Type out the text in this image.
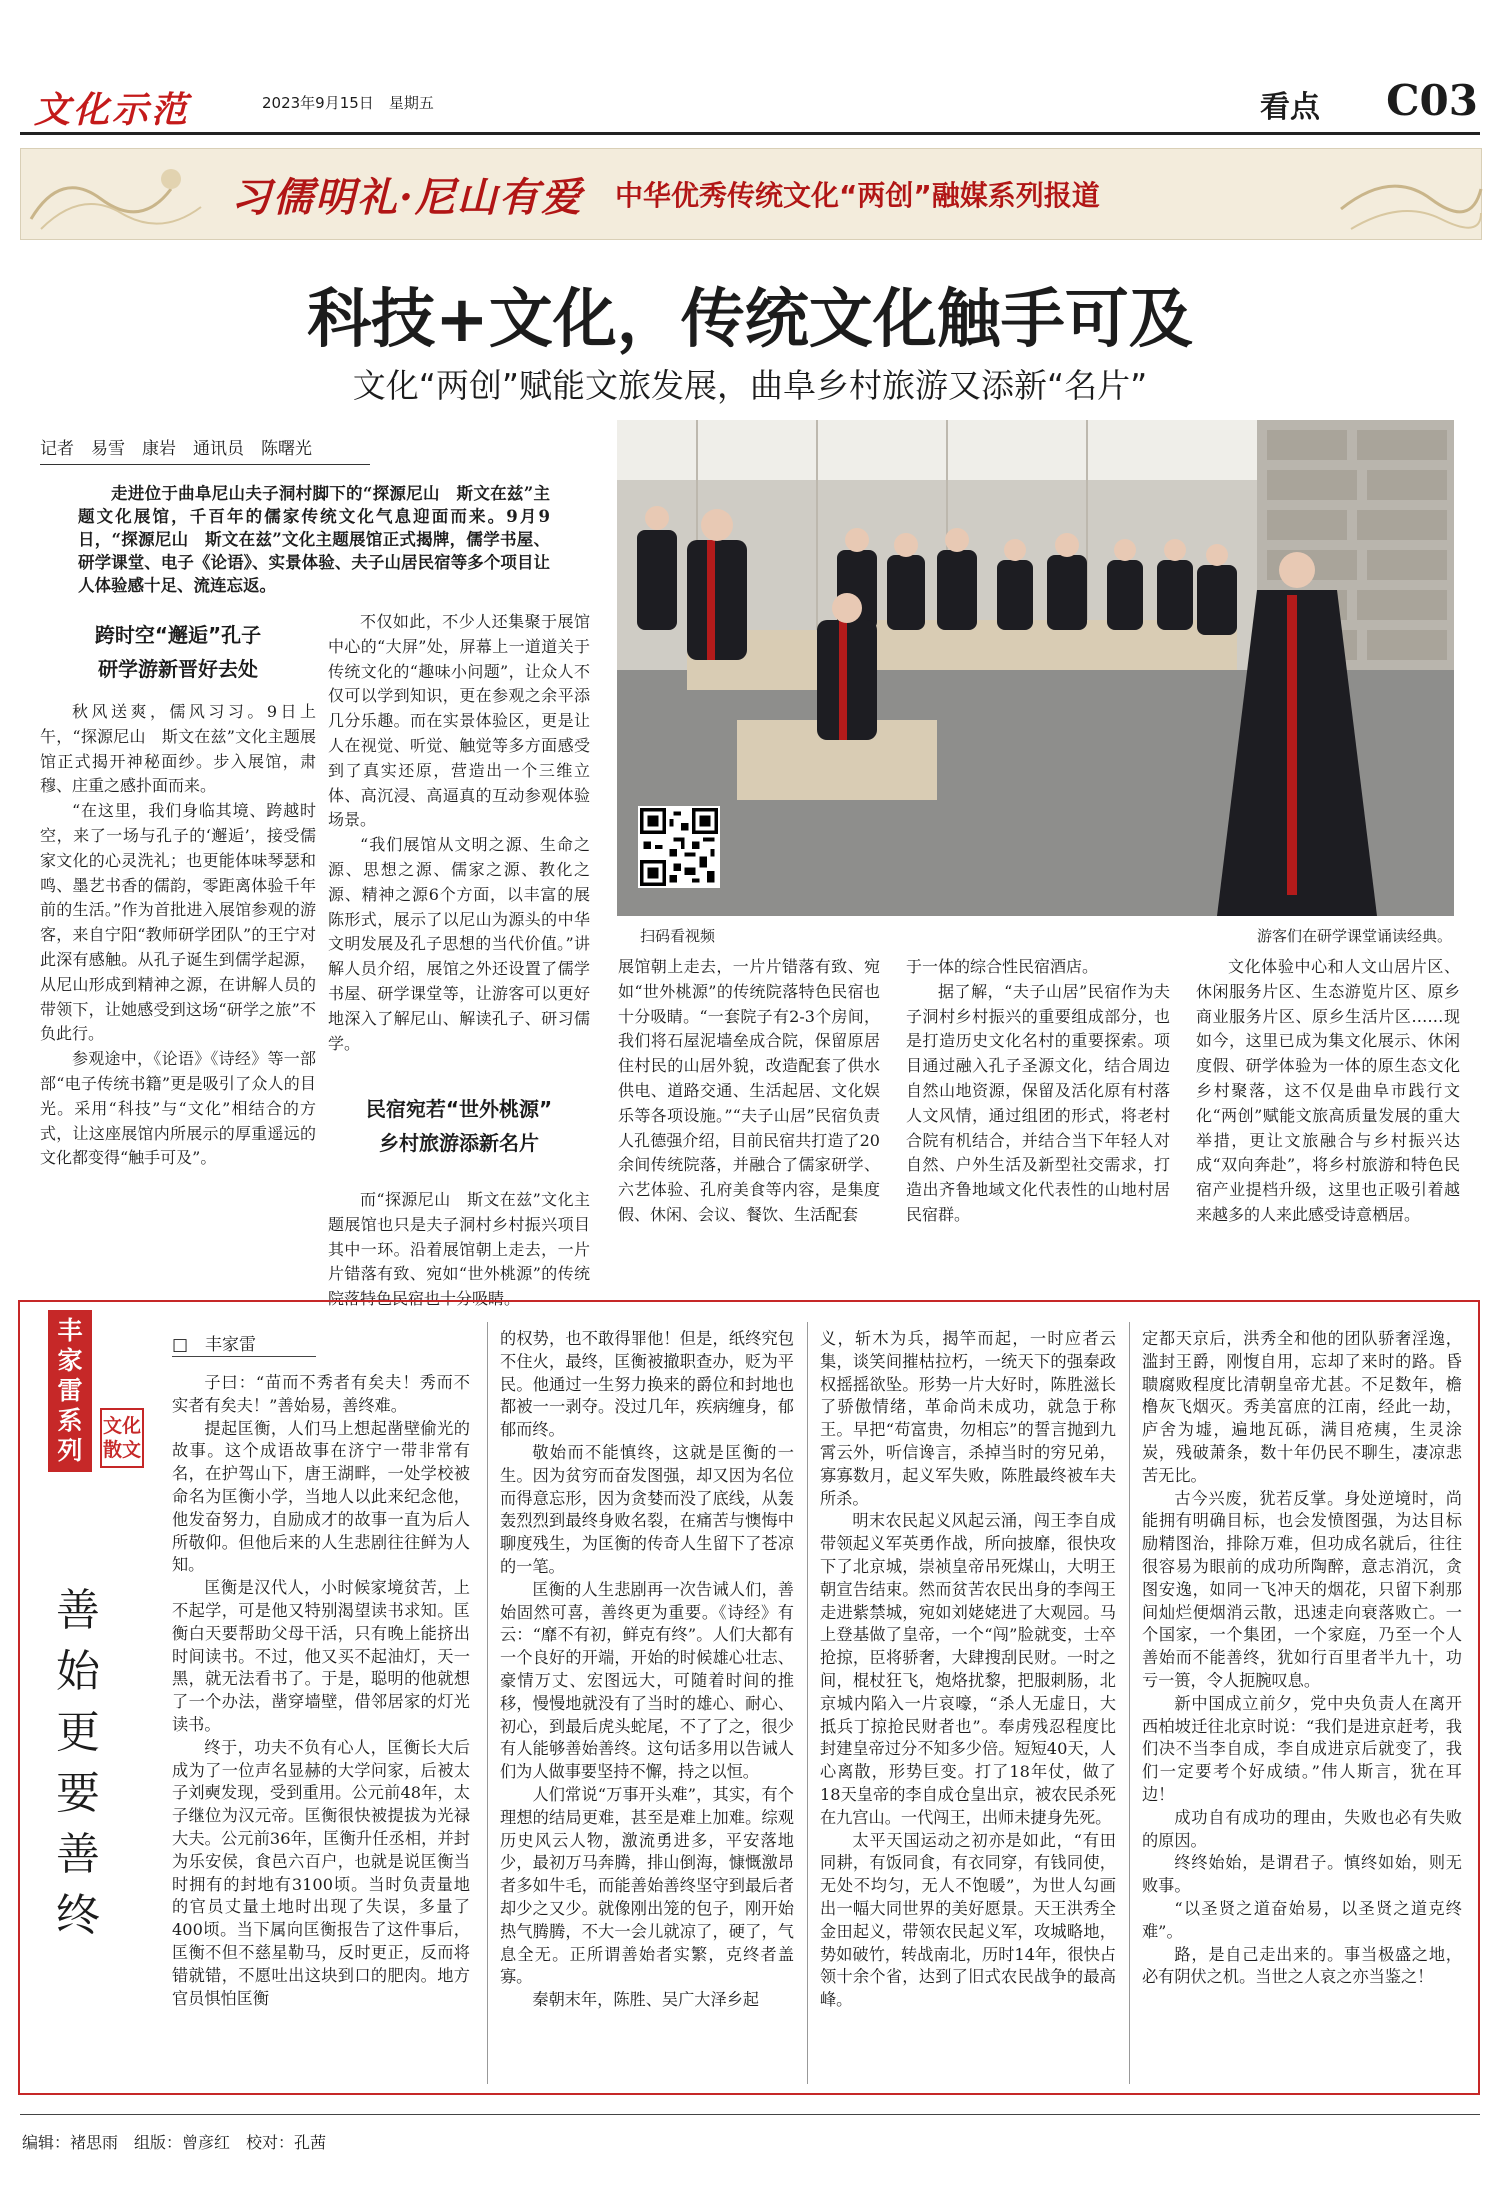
文化示范	2023年9月15日　 星期五	看点 C03
习儒明礼·尼山有爱 中华优秀传统文化“两创”融媒系列报道
科技+文化，传统文化触手可及
文化“两创”赋能文旅发展，曲阜乡村旅游又添新“名片”
记者　易雪　康岩　通讯员　陈曙光
走进位于曲阜尼山夫子洞村脚下的“探源尼山　斯文在兹”主题文化展馆，千百年的儒家传统文化气息迎面而来。9月9日，“探源尼山　斯文在兹”文化主题展馆正式揭牌，儒学书屋、研学课堂、电子《论语》、实景体验、夫子山居民宿等多个项目让人体验感十足、流连忘返。
扫码看视频	游客们在研学课堂诵读经典。
跨时空“邂逅”孔子
研学游新晋好去处

秋风送爽，儒风习习。9日上午，“探源尼山　斯文在兹”文化主题展馆正式揭开神秘面纱。步入展馆，肃穆、庄重之感扑面而来。

“在这里，我们身临其境、跨越时空，来了一场与孔子的‘邂逅’，接受儒家文化的心灵洗礼；也更能体味琴瑟和鸣、墨艺书香的儒韵，零距离体验千年前的生活。”作为首批进入展馆参观的游客，来自宁阳“教师研学团队”的王宁对此深有感触。从孔子诞生到儒学起源，从尼山形成到精神之源，在讲解人员的带领下，让她感受到这场“研学之旅”不负此行。

参观途中，《论语》《诗经》等一部部“电子传统书籍”更是吸引了众人的目光。采用“科技”与“文化”相结合的方式，让这座展馆内所展示的厚重遥远的文化都变得“触手可及”。

不仅如此，不少人还集聚于展馆中心的“大屏”处，屏幕上一道道关于传统文化的“趣味小问题”，让众人不仅可以学到知识，更在参观之余平添几分乐趣。而在实景体验区，更是让人在视觉、听觉、触觉等多方面感受到了真实还原，营造出一个三维立体、高沉浸、高逼真的互动参观体验场景。

“我们展馆从文明之源、生命之源、思想之源、儒家之源、教化之源、精神之源6个方面，以丰富的展陈形式，展示了以尼山为源头的中华文明发展及孔子思想的当代价值。”讲解人员介绍，展馆之外还设置了儒学书屋、研学课堂等，让游客可以更好地深入了解尼山、解读孔子、研习儒学。

民宿宛若“世外桃源”
乡村旅游添新名片

而“探源尼山　斯文在兹”文化主题展馆也只是夫子洞村乡村振兴项目其中一环。沿着展馆朝上走去，一片片错落有致、宛如“世外桃源”的传统院落特色民宿也十分吸睛。

展馆朝上走去，一片片错落有致、宛如“世外桃源”的传统院落特色民宿也十分吸睛。“一套院子有2-3个房间，我们将石屋泥墙垒成合院，保留原居住村民的山居外貌，改造配套了供水供电、道路交通、生活起居、文化娱乐等各项设施。”“夫子山居”民宿负责人孔德强介绍，目前民宿共打造了20余间传统院落，并融合了儒家研学、六艺体验、孔府美食等内容，是集度假、休闲、会议、餐饮、生活配套

于一体的综合性民宿酒店。

据了解，“夫子山居”民宿作为夫子洞村乡村振兴的重要组成部分，也是打造历史文化名村的重要探索。项目通过融入孔子圣源文化，结合周边自然山地资源，保留及活化原有村落人文风情，通过组团的形式，将老村合院有机结合，并结合当下年轻人对自然、户外生活及新型社交需求，打造出齐鲁地域文化代表性的山地村居民宿群。

文化体验中心和人文山居片区、休闲服务片区、生态游览片区、原乡商业服务片区、原乡生活片区……现如今，这里已成为集文化展示、休闲度假、研学体验为一体的原生态文化乡村聚落，这不仅是曲阜市践行文化“两创”赋能文旅高质量发展的重大举措，更让文旅融合与乡村振兴达成“双向奔赴”，将乡村旅游和特色民宿产业提档升级，这里也正吸引着越来越多的人来此感受诗意栖居。

丰家雷系列
文化散文
善始更要善终
□　丰家雷

子曰：“苗而不秀者有矣夫！秀而不实者有矣夫！”善始易，善终难。

提起匡衡，人们马上想起凿壁偷光的故事。这个成语故事在济宁一带非常有名，在护驾山下，唐王湖畔，一处学校被命名为匡衡小学，当地人以此来纪念他，他发奋努力，自励成才的故事一直为后人所敬仰。但他后来的人生悲剧往往鲜为人知。

匡衡是汉代人，小时候家境贫苦，上不起学，可是他又特别渴望读书求知。匡衡白天要帮助父母干活，只有晚上能挤出时间读书。不过，他又买不起油灯，天一黑，就无法看书了。于是，聪明的他就想了一个办法，凿穿墙壁，借邻居家的灯光读书。

终于，功夫不负有心人，匡衡长大后成为了一位声名显赫的大学问家，后被太子刘奭发现，受到重用。公元前48年，太子继位为汉元帝。匡衡很快被提拔为光禄大夫。公元前36年，匡衡升任丞相，并封为乐安侯，食邑六百户，也就是说匡衡当时拥有的封地有3100顷。当时负责量地的官员丈量土地时出现了失误，多量了400顷。当下属向匡衡报告了这件事后，匡衡不但不慈星勒马，反时更正，反而将错就错，不愿吐出这块到口的肥肉。地方官员惧怕匡衡

的权势，也不敢得罪他！但是，纸终究包不住火，最终，匡衡被撤职查办，贬为平民。他通过一生努力换来的爵位和封地也都被一一剥夺。没过几年，疾病缠身，郁郁而终。

敬始而不能慎终，这就是匡衡的一生。因为贫穷而奋发图强，却又因为名位而得意忘形，因为贪婪而没了底线，从轰轰烈烈到最终身败名裂，在痛苦与懊悔中聊度残生，为匡衡的传奇人生留下了苍凉的一笔。

匡衡的人生悲剧再一次告诫人们，善始固然可喜，善终更为重要。《诗经》有云：“靡不有初，鲜克有终”。人们大都有一个良好的开端，开始的时候雄心壮志、豪情万丈、宏图远大，可随着时间的推移，慢慢地就没有了当时的雄心、耐心、初心，到最后虎头蛇尾，不了了之，很少有人能够善始善终。这句话多用以告诫人们为人做事要坚持不懈，持之以恒。

人们常说“万事开头难”，其实，有个理想的结局更难，甚至是难上加难。综观历史风云人物，激流勇进多，平安落地少，最初万马奔腾，排山倒海，慷慨激昂者多如牛毛，而能善始善终坚守到最后者却少之又少。就像刚出笼的包子，刚开始热气腾腾，不大一会儿就凉了，硬了，气息全无。正所谓善始者实繁，克终者盖寡。

秦朝末年，陈胜、吴广大泽乡起

义，斩木为兵，揭竿而起，一时应者云集，谈笑间摧枯拉朽，一统天下的强秦政权摇摇欲坠。形势一片大好时，陈胜滋长了骄傲情绪，革命尚未成功，就急于称王。早把“苟富贵，勿相忘”的誓言抛到九霄云外，听信谗言，杀掉当时的穷兄弟，寡寡数月，起义军失败，陈胜最终被车夫所杀。

明末农民起义风起云涌，闯王李自成带领起义军英勇作战，所向披靡，很快攻下了北京城，崇祯皇帝吊死煤山，大明王朝宣告结束。然而贫苦农民出身的李闯王走进紫禁城，宛如刘姥姥进了大观园。马上登基做了皇帝，一个“闯”脸就变，士卒抢掠，臣将骄奢，大肆搜刮民财。一时之间，棍杖狂飞，炮烙扰黎，把服刺肠，北京城内陷入一片哀嚎，“杀人无虚日，大抵兵丁掠抢民财者也”。奉虏残忍程度比封建皇帝过分不知多少倍。短短40天，人心离散，形势巨变。打了18年仗，做了18天皇帝的李自成仓皇出京，被农民杀死在九宫山。一代闯王，出师未捷身先死。

太平天国运动之初亦是如此，“有田同耕，有饭同食，有衣同穿，有钱同使，无处不均匀，无人不饱暖”，为世人勾画出一幅大同世界的美好愿景。天王洪秀全金田起义，带领农民起义军，攻城略地，势如破竹，转战南北，历时14年，很快占领十余个省，达到了旧式农民战争的最高峰。

定都天京后，洪秀全和他的团队骄奢淫逸，滥封王爵，刚愎自用，忘却了来时的路。昏聩腐败程度比清朝皇帝尤甚。不足数年，檐橹灰飞烟灭。秀美富庶的江南，经此一劫，庐舍为墟，遍地瓦砾，满目疮痍，生灵涂炭，残破萧条，数十年仍民不聊生，凄凉悲苦无比。

古今兴废，犹若反掌。身处逆境时，尚能拥有明确目标，也会发愤图强，为达目标励精图治，排除万难，但功成名就后，往往很容易为眼前的成功所陶醉，意志消沉，贪图安逸，如同一飞冲天的烟花，只留下刹那间灿烂便烟消云散，迅速走向衰落败亡。一个国家，一个集团，一个家庭，乃至一个人善始而不能善终，犹如行百里者半九十，功亏一篑，令人扼腕叹息。

新中国成立前夕，党中央负责人在离开西柏坡迁往北京时说：“我们是进京赶考，我们决不当李自成，李自成进京后就变了，我们一定要考个好成绩。”伟人斯言，犹在耳边！

成功自有成功的理由，失败也必有失败的原因。

终终始始，是谓君子。慎终如始，则无败事。

“以圣贤之道奋始易，以圣贤之道克终难”。

路，是自己走出来的。事当极盛之地，必有阴伏之机。当世之人哀之亦当鉴之！

编辑：褚思雨　组版：曾彦红　校对：孔茜
